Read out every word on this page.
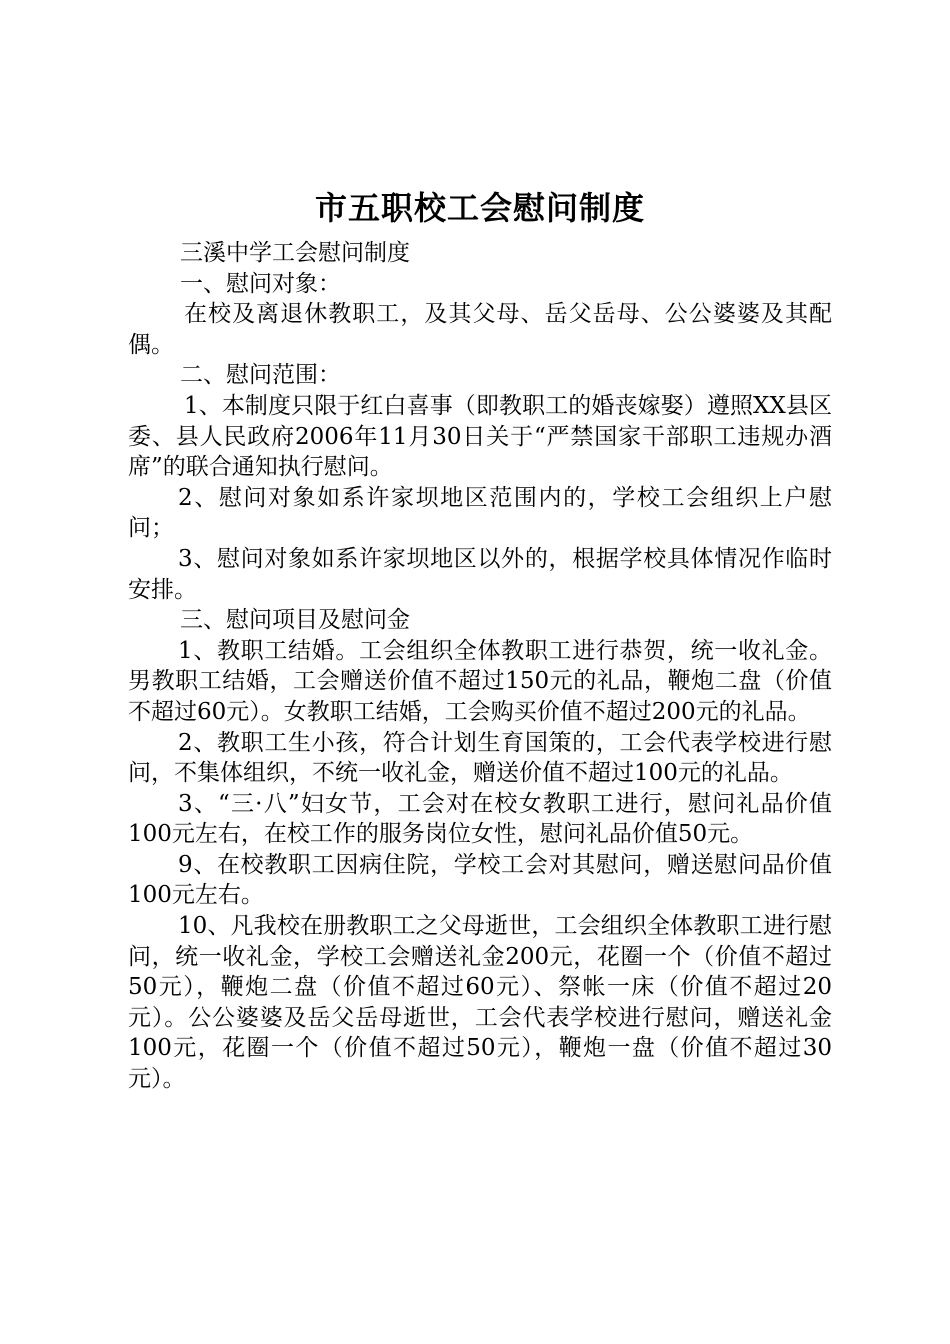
市五职校工会慰问制度

三溪中学工会慰问制度

一、慰问对象：

在校及离退休教职工，及其父母、岳父岳母、公公婆婆及其配偶。

二、慰问范围：

1、本制度只限于红白喜事（即教职工的婚丧嫁娶）遵照XX县区委、县人民政府2006年11月30日关于“严禁国家干部职工违规办酒席”的联合通知执行慰问。

2、慰问对象如系许家坝地区范围内的，学校工会组织上户慰问；

3、慰问对象如系许家坝地区以外的，根据学校具体情况作临时安排。

三、慰问项目及慰问金

1、教职工结婚。工会组织全体教职工进行恭贺，统一收礼金。男教职工结婚，工会赠送价值不超过150元的礼品，鞭炮二盘（价值不超过60元）。女教职工结婚，工会购买价值不超过200元的礼品。

2、教职工生小孩，符合计划生育国策的，工会代表学校进行慰问，不集体组织，不统一收礼金，赠送价值不超过100元的礼品。

3、“三·八”妇女节，工会对在校女教职工进行，慰问礼品价值100元左右，在校工作的服务岗位女性，慰问礼品价值50元。

9、在校教职工因病住院，学校工会对其慰问，赠送慰问品价值100元左右。

10、凡我校在册教职工之父母逝世，工会组织全体教职工进行慰问，统一收礼金，学校工会赠送礼金200元，花圈一个（价值不超过50元），鞭炮二盘（价值不超过60元）、祭帐一床（价值不超过20元）。公公婆婆及岳父岳母逝世，工会代表学校进行慰问，赠送礼金100元，花圈一个（价值不超过50元），鞭炮一盘（价值不超过30元）。
